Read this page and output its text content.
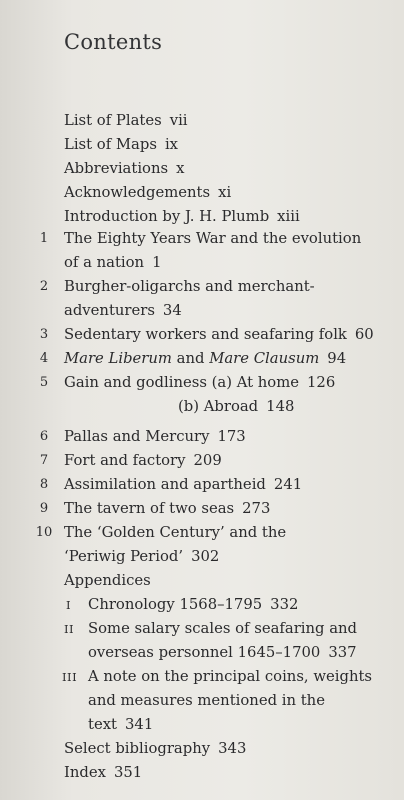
Contents
List of Plates vii
List of Maps ix
Abbreviations x
Acknowledgements xi
Introduction by J. H. Plumb xiii
1	The Eighty Years War and the evolution
of a nation 1
2	Burgher-oligarchs and merchant-
adventurers 34
3	Sedentary workers and seafaring folk 60
4	Mare Liberum and Mare Clausum 94
5	Gain and godliness (a) At home 126
(b) Abroad 148
6	Pallas and Mercury 173
7	Fort and factory 209
8	Assimilation and apartheid 241
9	The tavern of two seas 273
10 The ‘Golden Century’ and the
‘Periwig Period’ 302
Appendices
I Chronology 1568–1795 332
II Some salary scales of seafaring and
overseas personnel 1645–1700 337
III A note on the principal coins, weights
and measures mentioned in the
text 341
Select bibliography 343
Index 351
